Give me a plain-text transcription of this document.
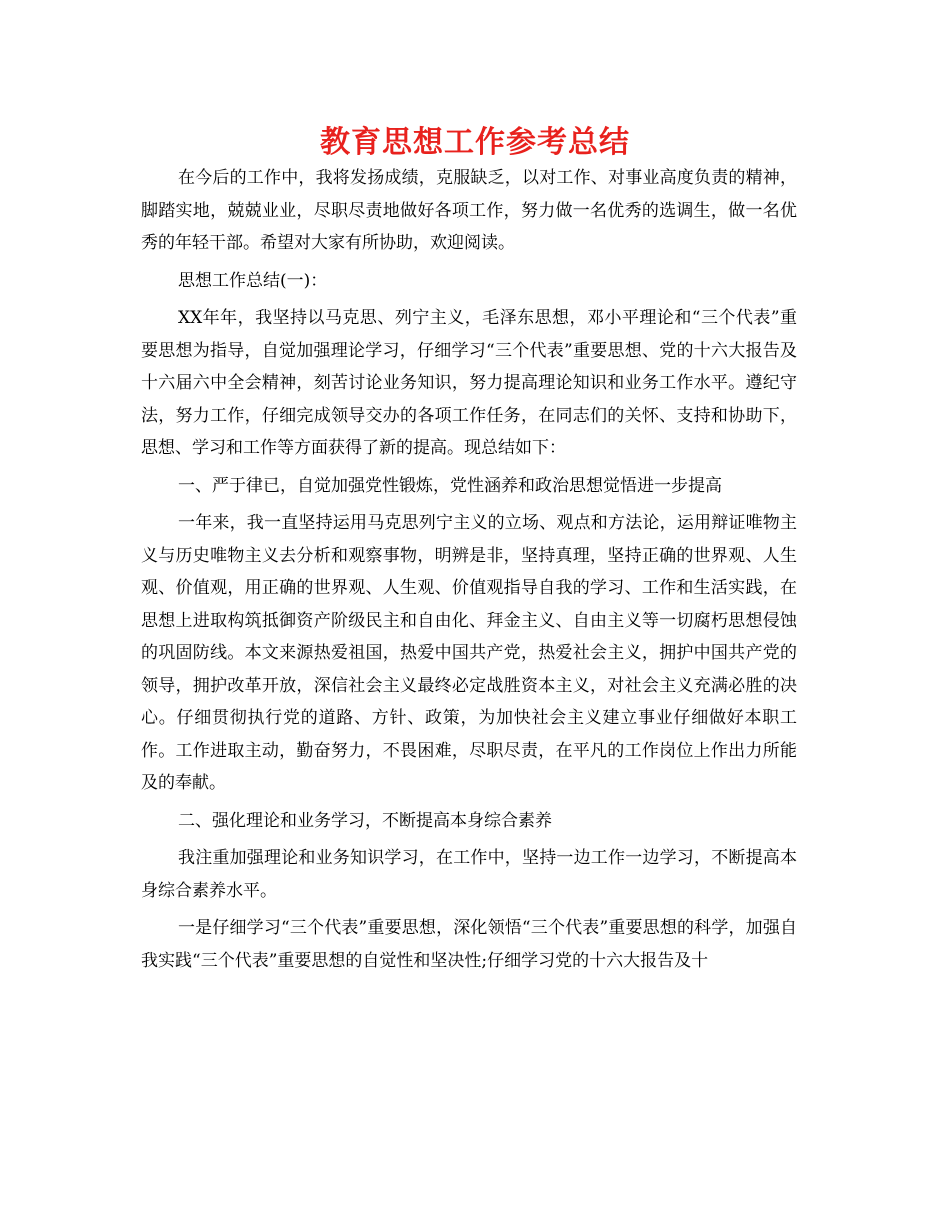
教育思想工作参考总结

在今后的工作中，我将发扬成绩，克服缺乏，以对工作、对事业高度负责的精神，脚踏实地，兢兢业业，尽职尽责地做好各项工作，努力做一名优秀的选调生，做一名优秀的年轻干部。希望对大家有所协助，欢迎阅读。

思想工作总结(一)：

XX年年，我坚持以马克思、列宁主义，毛泽东思想，邓小平理论和“三个代表”重要思想为指导，自觉加强理论学习，仔细学习“三个代表”重要思想、党的十六大报告及十六届六中全会精神，刻苦讨论业务知识，努力提高理论知识和业务工作水平。遵纪守法，努力工作，仔细完成领导交办的各项工作任务，在同志们的关怀、支持和协助下，思想、学习和工作等方面获得了新的提高。现总结如下：

一、严于律已，自觉加强党性锻炼，党性涵养和政治思想觉悟进一步提高

一年来，我一直坚持运用马克思列宁主义的立场、观点和方法论，运用辩证唯物主义与历史唯物主义去分析和观察事物，明辨是非，坚持真理，坚持正确的世界观、人生观、价值观，用正确的世界观、人生观、价值观指导自我的学习、工作和生活实践，在思想上进取构筑抵御资产阶级民主和自由化、拜金主义、自由主义等一切腐朽思想侵蚀的巩固防线。本文来源热爱祖国，热爱中国共产党，热爱社会主义，拥护中国共产党的领导，拥护改革开放，深信社会主义最终必定战胜资本主义，对社会主义充满必胜的决心。仔细贯彻执行党的道路、方针、政策，为加快社会主义建立事业仔细做好本职工作。工作进取主动，勤奋努力，不畏困难，尽职尽责，在平凡的工作岗位上作出力所能及的奉献。

二、强化理论和业务学习，不断提高本身综合素养

我注重加强理论和业务知识学习，在工作中，坚持一边工作一边学习，不断提高本身综合素养水平。

一是仔细学习“三个代表”重要思想，深化领悟“三个代表”重要思想的科学，加强自我实践“三个代表”重要思想的自觉性和坚决性;仔细学习党的十六大报告及十
